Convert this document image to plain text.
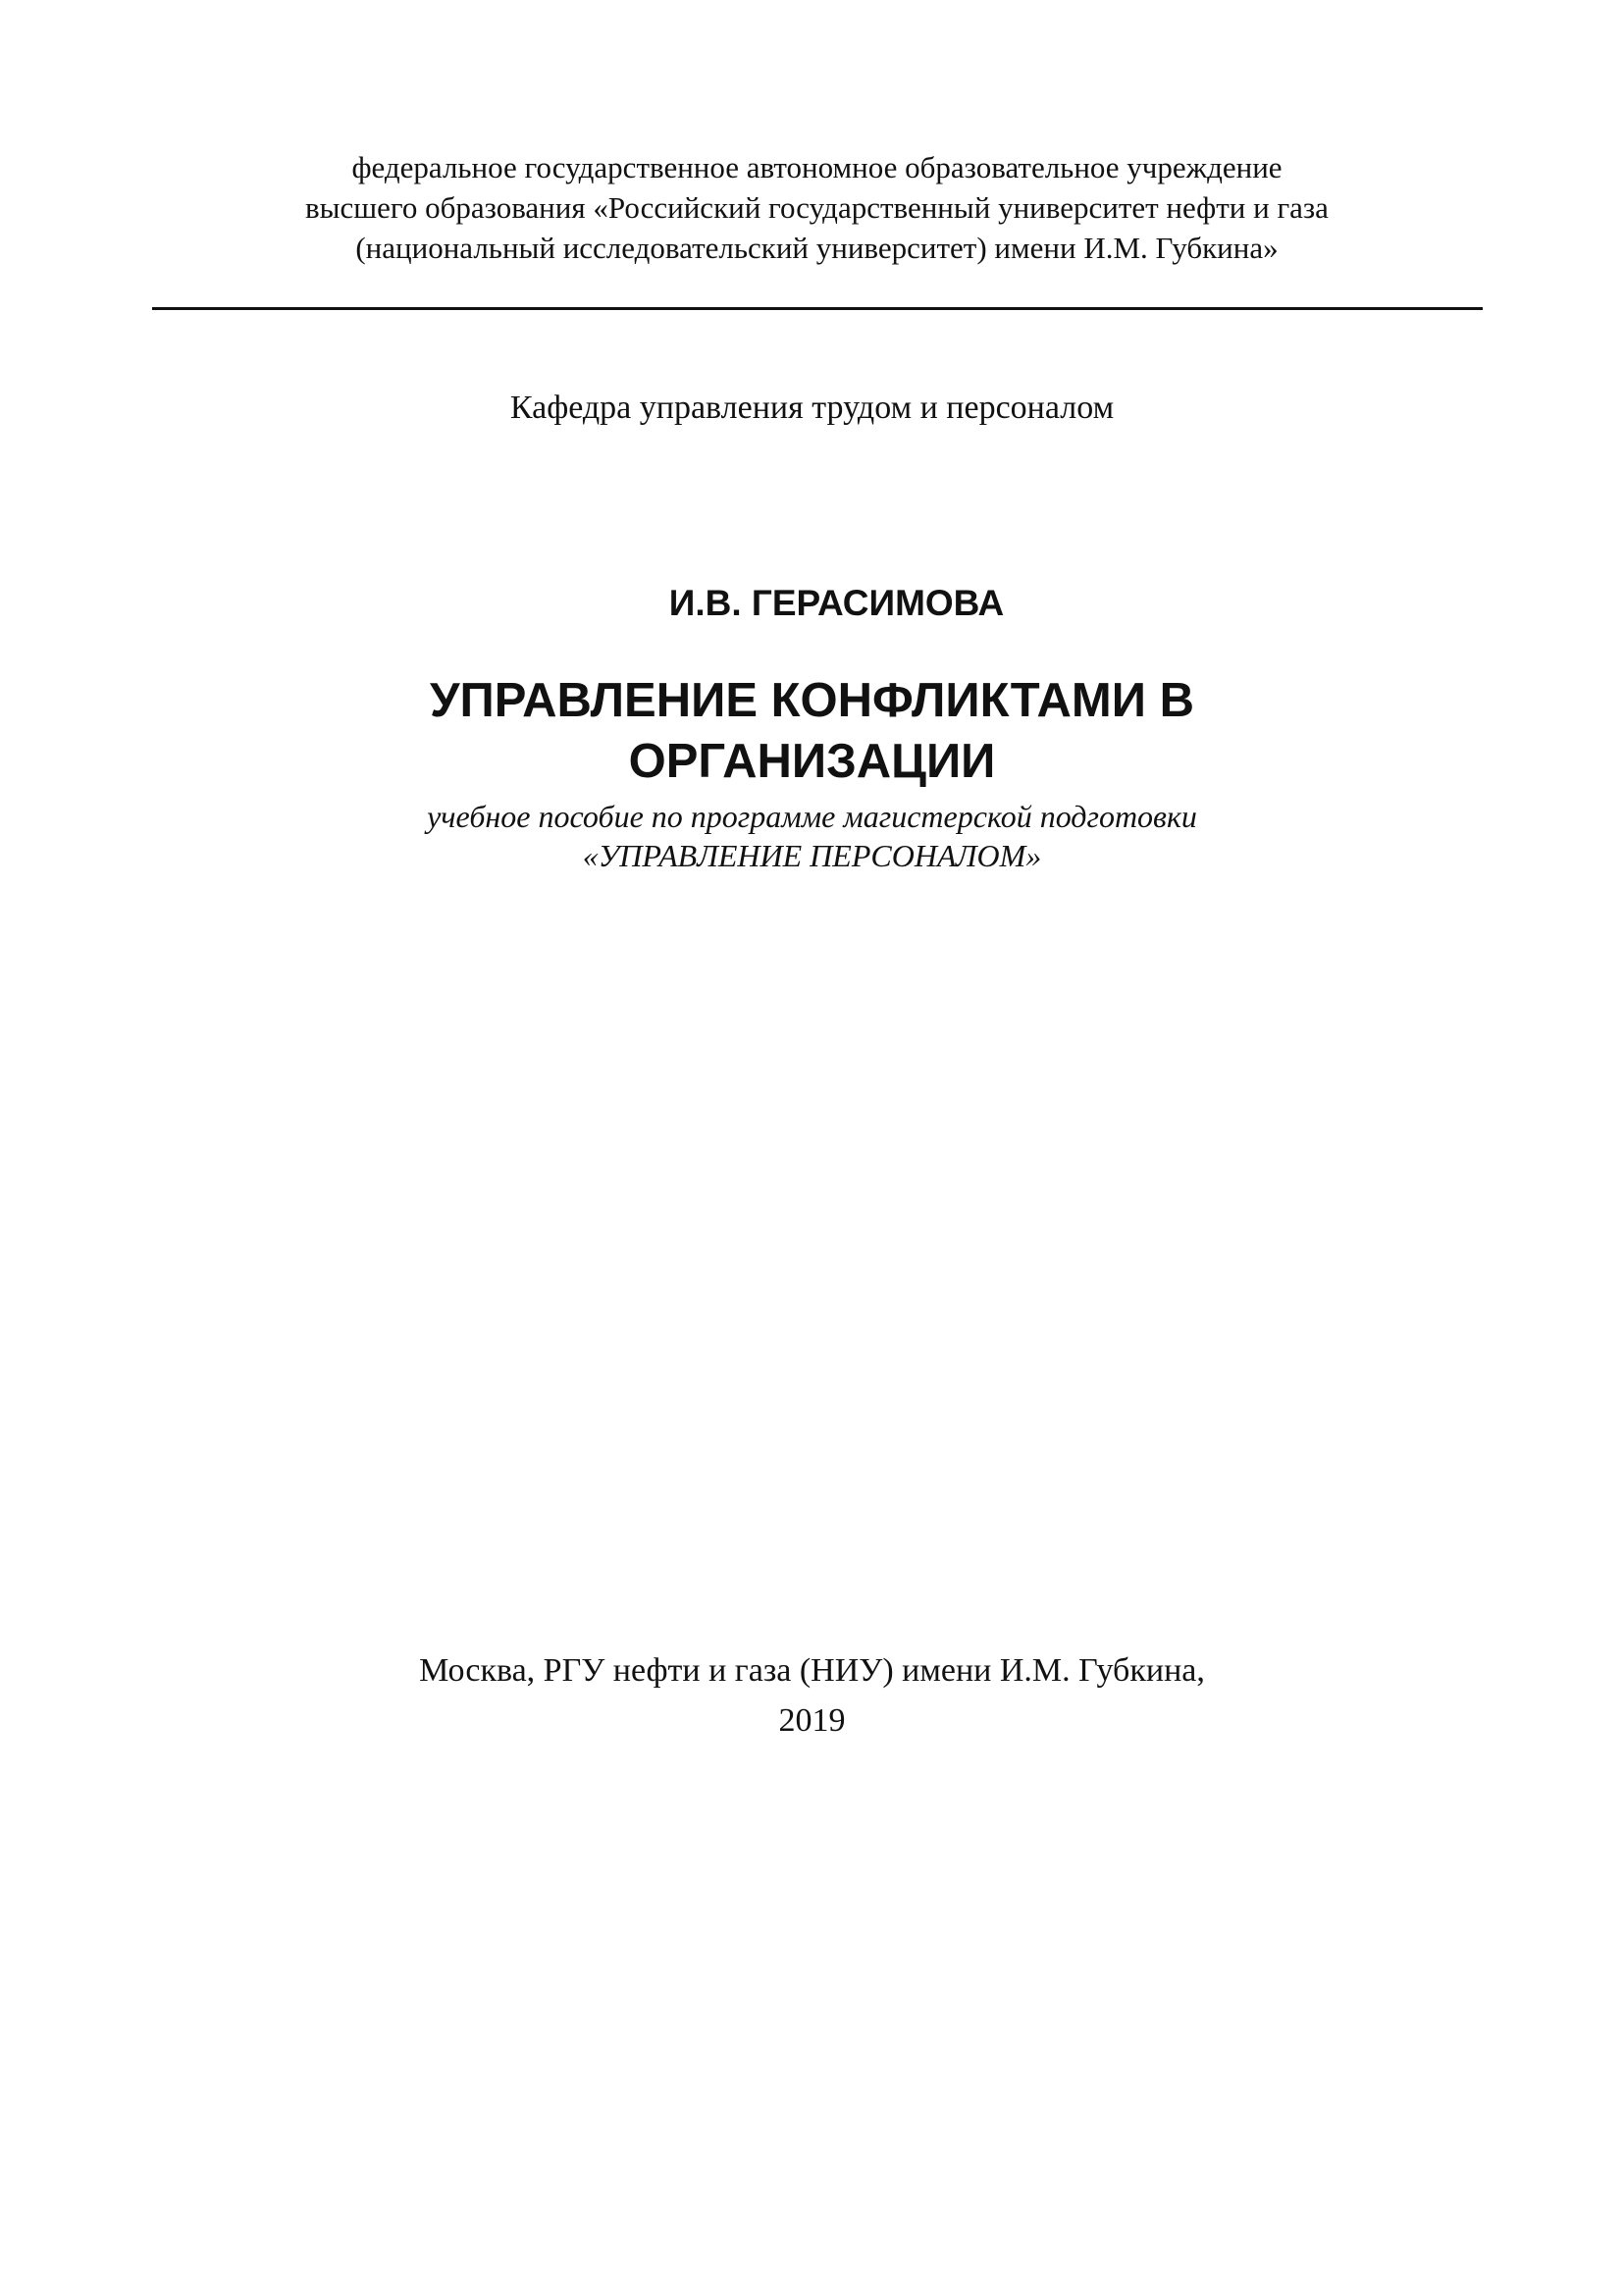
федеральное государственное автономное образовательное учреждение
высшего образования «Российский государственный университет нефти и газа
(национальный исследовательский университет) имени И.М. Губкина»
Кафедра управления трудом и персоналом
И.В. ГЕРАСИМОВА
УПРАВЛЕНИЕ КОНФЛИКТАМИ В
ОРГАНИЗАЦИИ
учебное пособие по программе магистерской подготовки
«УПРАВЛЕНИЕ ПЕРСОНАЛОМ»
Москва, РГУ нефти и газа (НИУ) имени И.М. Губкина,
2019
